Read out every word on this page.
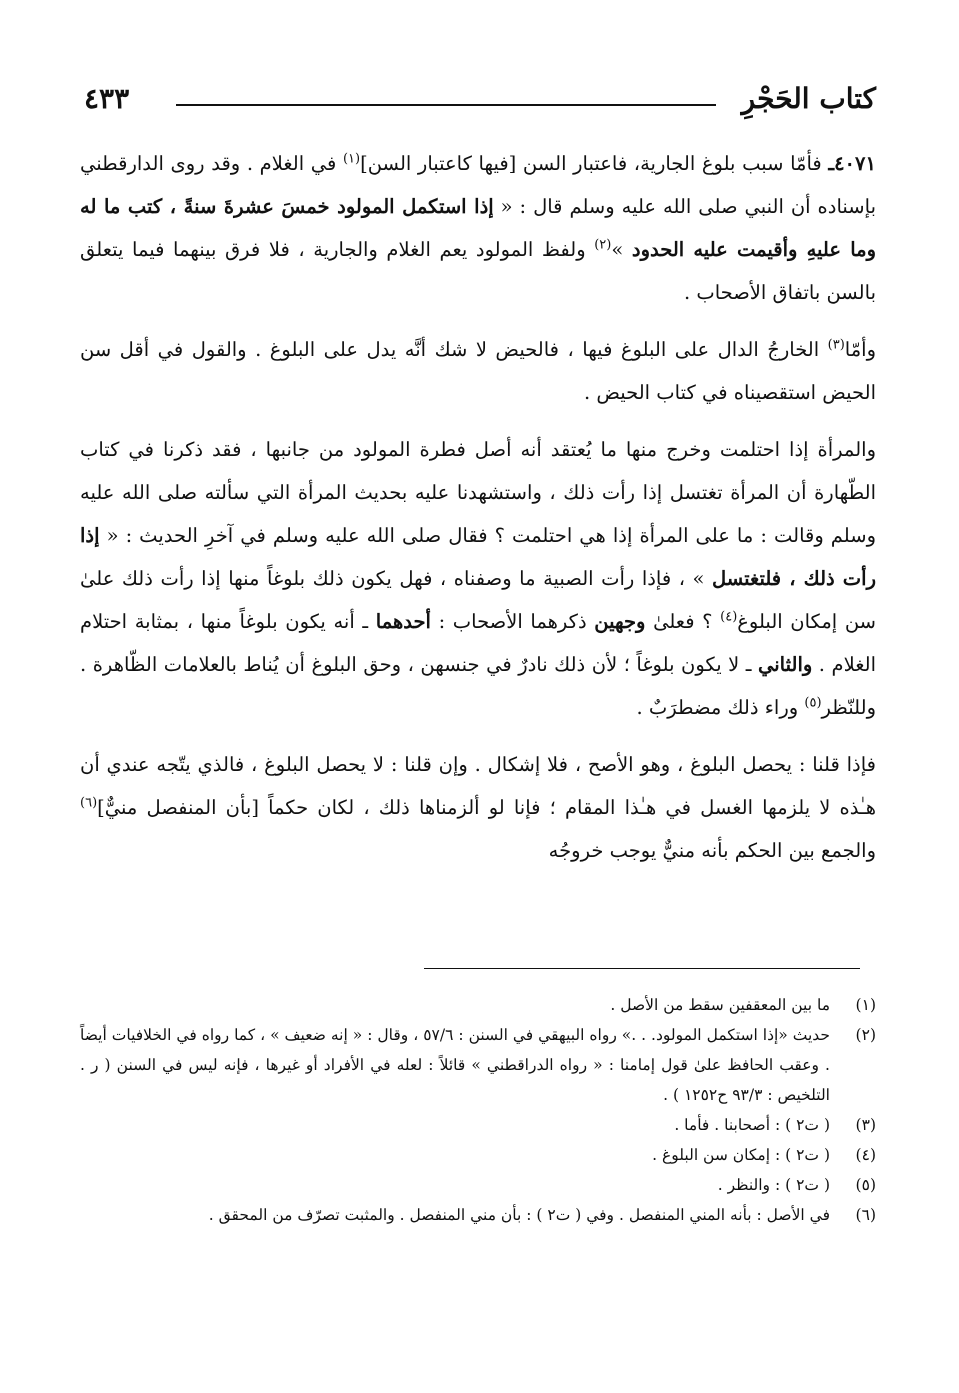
كتاب الحَجْرِ
٤٣٣

٤٠٧١ـ فأمّا سبب بلوغ الجارية، فاعتبار السن [فيها كاعتبار السن]$^{(١)}$ في الغلام . وقد روى الدارقطني بإسناده أن النبي صلى الله عليه وسلم قال : « إذا استكمل المولود خمسَ عشرةَ سنةً ، كتب ما له وما عليهِ وأقيمت عليه الحدود »$^{(٢)}$ ولفظ المولود يعم الغلام والجارية ، فلا فرق بينهما فيما يتعلق بالسن باتفاق الأصحاب .

وأمّا$^{(٣)}$ الخارجُ الدال على البلوغ فيها ، فالحيض لا شك أنَّه يدل على البلوغ . والقول في أقل سن الحيض استقصيناه في كتاب الحيض .

والمرأة إذا احتلمت وخرج منها ما يُعتقد أنه أصل فطرة المولود من جانبها ، فقد ذكرنا في كتاب الطّهارة أن المرأة تغتسل إذا رأت ذلك ، واستشهدنا عليه بحديث المرأة التي سألته صلى الله عليه وسلم وقالت : ما على المرأة إذا هي احتلمت ؟ فقال صلى الله عليه وسلم في آخرِ الحديث : « إذا رأت ذلك ، فلتغتسل » ، فإذا رأت الصبية ما وصفناه ، فهل يكون ذلك بلوغاً منها إذا رأت ذلك علىٰ سن إمكان البلوغ$^{(٤)}$ ؟ فعلىٰ وجهين ذكرهما الأصحاب : أحدهما ـ أنه يكون بلوغاً منها ، بمثابة احتلام الغلام . والثاني ـ لا يكون بلوغاً ؛ لأن ذلك نادرٌ في جنسهن ، وحق البلوغ أن يُناط بالعلامات الظّاهرة . وللنّظر$^{(٥)}$ وراء ذلك مضطرَبٌ .

فإذا قلنا : يحصل البلوغ ، وهو الأصح ، فلا إشكال . وإن قلنا : لا يحصل البلوغ ، فالذي يتّجه عندي أن هـٰذه لا يلزمها الغسل في هـٰذا المقام ؛ فإنا لو ألزمناها ذلك ، لكان حكماً [بأن المنفصل منيٌّ]$^{(٦)}$ والجمع بين الحكم بأنه منيٌّ يوجب خروجُه

(١)
ما بين المعقفين سقط من الأصل .
(٢)
حديث «إذا استكمل المولود. . .» رواه البيهقي في السنن : ٥٧/٦ ، وقال : « إنه ضعيف » ، كما رواه في الخلافيات أيضاً . وعقب الحافظ علىٰ قول إمامنا : « رواه الدراقطني » قائلاً : لعله في الأفراد أو غيرها ، فإنه ليس في السنن ( ر . التلخيص : ٩٣/٣ ح١٢٥٢ ) .
(٣)
( ت٢ ) : أصحابنا . فأما .
(٤)
( ت٢ ) : إمكان سن البلوغ .
(٥)
( ت٢ ) : والنظر .
(٦)
في الأصل : بأنه المني المنفصل . وفي ( ت٢ ) : بأن مني المنفصل . والمثبت تصرّف من المحقق .
